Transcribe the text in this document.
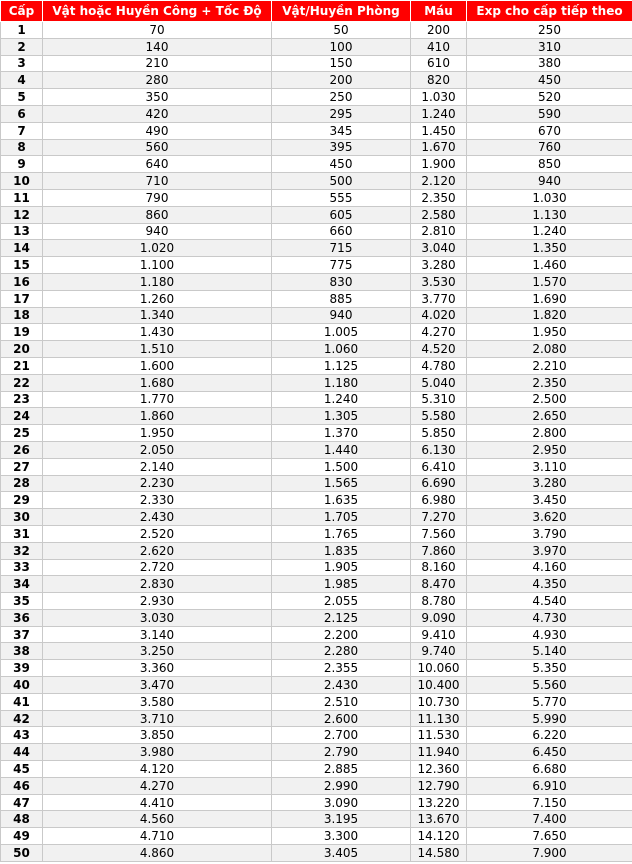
Cấp	Vật hoặc Huyền Công + Tốc Độ	Vật/Huyền Phòng	Máu	Exp cho cấp tiếp theo
1	70	50	200	250
2	140	100	410	310
3	210	150	610	380
4	280	200	820	450
5	350	250	1.030	520
6	420	295	1.240	590
7	490	345	1.450	670
8	560	395	1.670	760
9	640	450	1.900	850
10	710	500	2.120	940
11	790	555	2.350	1.030
12	860	605	2.580	1.130
13	940	660	2.810	1.240
14	1.020	715	3.040	1.350
15	1.100	775	3.280	1.460
16	1.180	830	3.530	1.570
17	1.260	885	3.770	1.690
18	1.340	940	4.020	1.820
19	1.430	1.005	4.270	1.950
20	1.510	1.060	4.520	2.080
21	1.600	1.125	4.780	2.210
22	1.680	1.180	5.040	2.350
23	1.770	1.240	5.310	2.500
24	1.860	1.305	5.580	2.650
25	1.950	1.370	5.850	2.800
26	2.050	1.440	6.130	2.950
27	2.140	1.500	6.410	3.110
28	2.230	1.565	6.690	3.280
29	2.330	1.635	6.980	3.450
30	2.430	1.705	7.270	3.620
31	2.520	1.765	7.560	3.790
32	2.620	1.835	7.860	3.970
33	2.720	1.905	8.160	4.160
34	2.830	1.985	8.470	4.350
35	2.930	2.055	8.780	4.540
36	3.030	2.125	9.090	4.730
37	3.140	2.200	9.410	4.930
38	3.250	2.280	9.740	5.140
39	3.360	2.355	10.060	5.350
40	3.470	2.430	10.400	5.560
41	3.580	2.510	10.730	5.770
42	3.710	2.600	11.130	5.990
43	3.850	2.700	11.530	6.220
44	3.980	2.790	11.940	6.450
45	4.120	2.885	12.360	6.680
46	4.270	2.990	12.790	6.910
47	4.410	3.090	13.220	7.150
48	4.560	3.195	13.670	7.400
49	4.710	3.300	14.120	7.650
50	4.860	3.405	14.580	7.900
